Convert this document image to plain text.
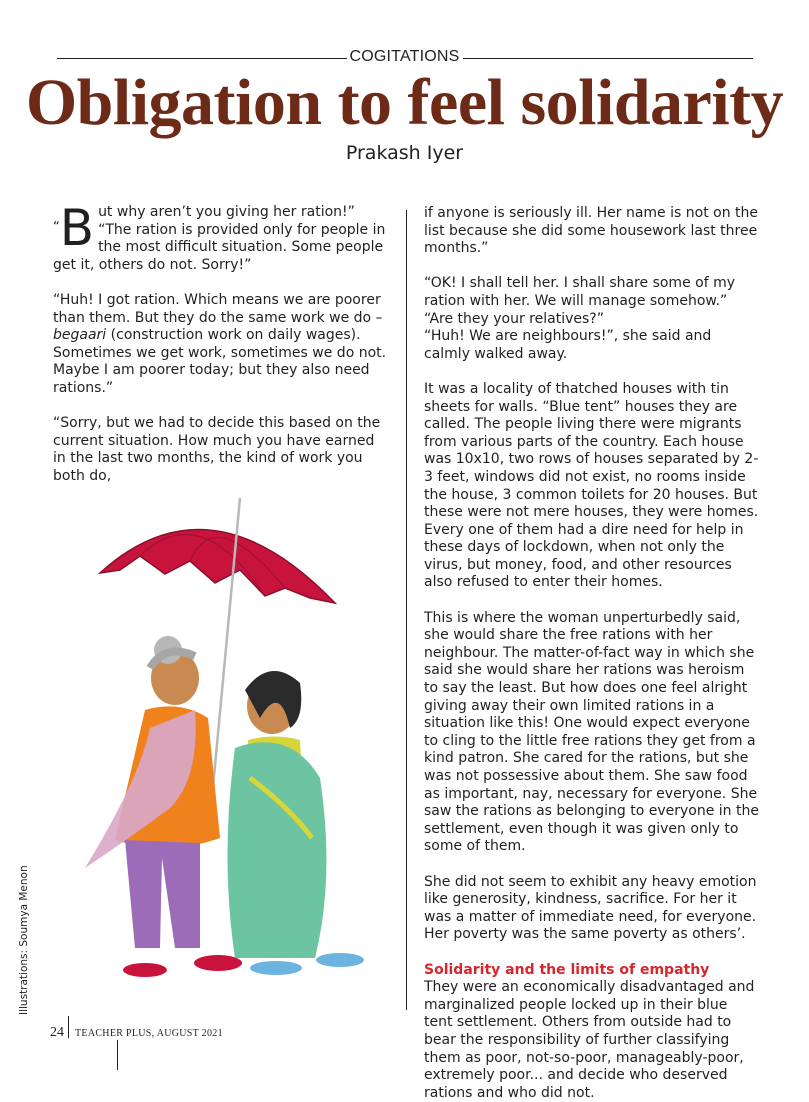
COGITATIONS
Obligation to feel solidarity
Prakash Iyer

“B ut why aren’t you giving her ration!” “The ration is provided only for people in the most difficult situation. Some people get it, others do not. Sorry!”

“Huh! I got ration. Which means we are poorer than them. But they do the same work we do – begaari (construction work on daily wages). Sometimes we get work, sometimes we do not. Maybe I am poorer today; but they also need rations.”

“Sorry, but we had to decide this based on the current situation. How much you have earned in the last two months, the kind of work you both do,

if anyone is seriously ill. Her name is not on the list because she did some housework last three months.”

“OK! I shall tell her. I shall share some of my ration with her. We will manage somehow.”
“Are they your relatives?”
“Huh! We are neighbours!”, she said and calmly walked away.

It was a locality of thatched houses with tin sheets for walls. “Blue tent” houses they are called. The people living there were migrants from various parts of the country. Each house was 10x10, two rows of houses separated by 2-3 feet, windows did not exist, no rooms inside the house, 3 common toilets for 20 houses. But these were not mere houses, they were homes. Every one of them had a dire need for help in these days of lockdown, when not only the virus, but money, food, and other resources also refused to enter their homes.

This is where the woman unperturbedly said, she would share the free rations with her neighbour. The matter-of-fact way in which she said she would share her rations was heroism to say the least. But how does one feel alright giving away their own limited rations in a situation like this! One would expect everyone to cling to the little free rations they get from a kind patron. She cared for the rations, but she was not possessive about them. She saw food as important, nay, necessary for everyone. She saw the rations as belonging to everyone in the settlement, even though it was given only to some of them.

She did not seem to exhibit any heavy emotion like generosity, kindness, sacrifice. For her it was a matter of immediate need, for everyone. Her poverty was the same poverty as others’.

Solidarity and the limits of empathy
They were an economically disadvantaged and marginalized people locked up in their blue tent settlement. Others from outside had to bear the responsibility of further classifying them as poor, not-so-poor, manageably-poor, extremely poor... and decide who deserved rations and who did not.

Illustrations: Soumya Menon
24 TEACHER PLUS, AUGUST 2021
